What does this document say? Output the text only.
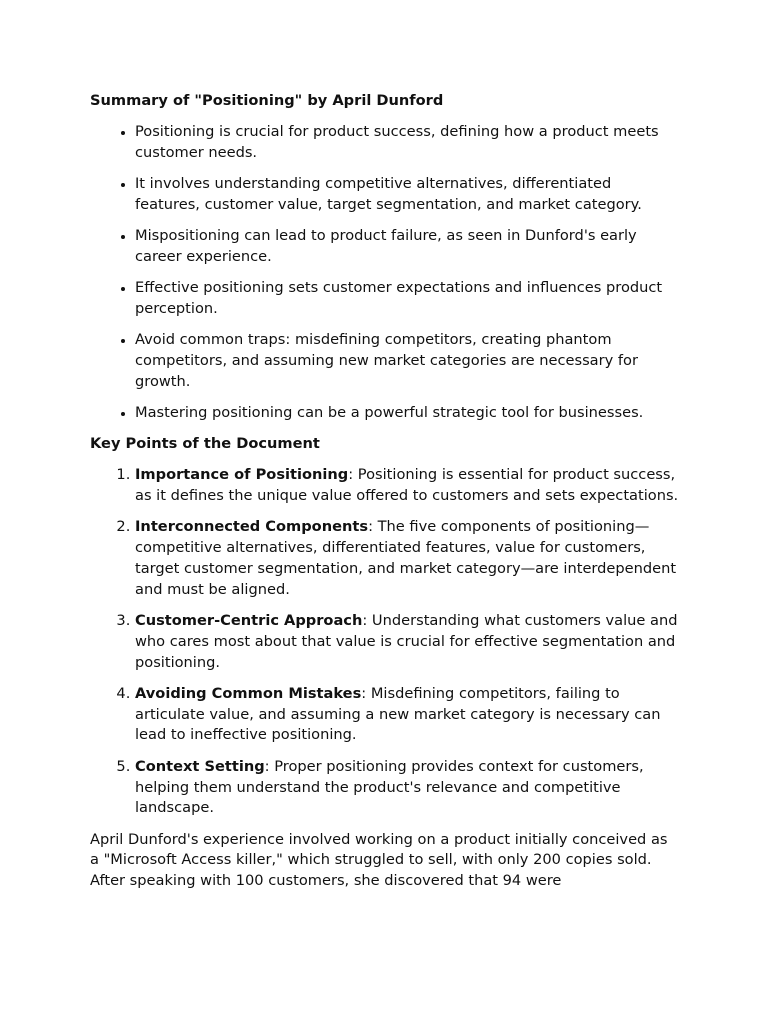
Summary of "Positioning" by April Dunford
• Positioning is crucial for product success, defining how a product meets customer needs.
• It involves understanding competitive alternatives, differentiated features, customer value, target segmentation, and market category.
• Mispositioning can lead to product failure, as seen in Dunford's early career experience.
• Effective positioning sets customer expectations and influences product perception.
• Avoid common traps: misdefining competitors, creating phantom competitors, and assuming new market categories are necessary for growth.
• Mastering positioning can be a powerful strategic tool for businesses.
Key Points of the Document
1. Importance of Positioning: Positioning is essential for product success, as it defines the unique value offered to customers and sets expectations.
2. Interconnected Components: The five components of positioning—competitive alternatives, differentiated features, value for customers, target customer segmentation, and market category—are interdependent and must be aligned.
3. Customer-Centric Approach: Understanding what customers value and who cares most about that value is crucial for effective segmentation and positioning.
4. Avoiding Common Mistakes: Misdefining competitors, failing to articulate value, and assuming a new market category is necessary can lead to ineffective positioning.
5. Context Setting: Proper positioning provides context for customers, helping them understand the product's relevance and competitive landscape.

April Dunford's experience involved working on a product initially conceived as a "Microsoft Access killer," which struggled to sell, with only 200 copies sold. After speaking with 100 customers, she discovered that 94 were
